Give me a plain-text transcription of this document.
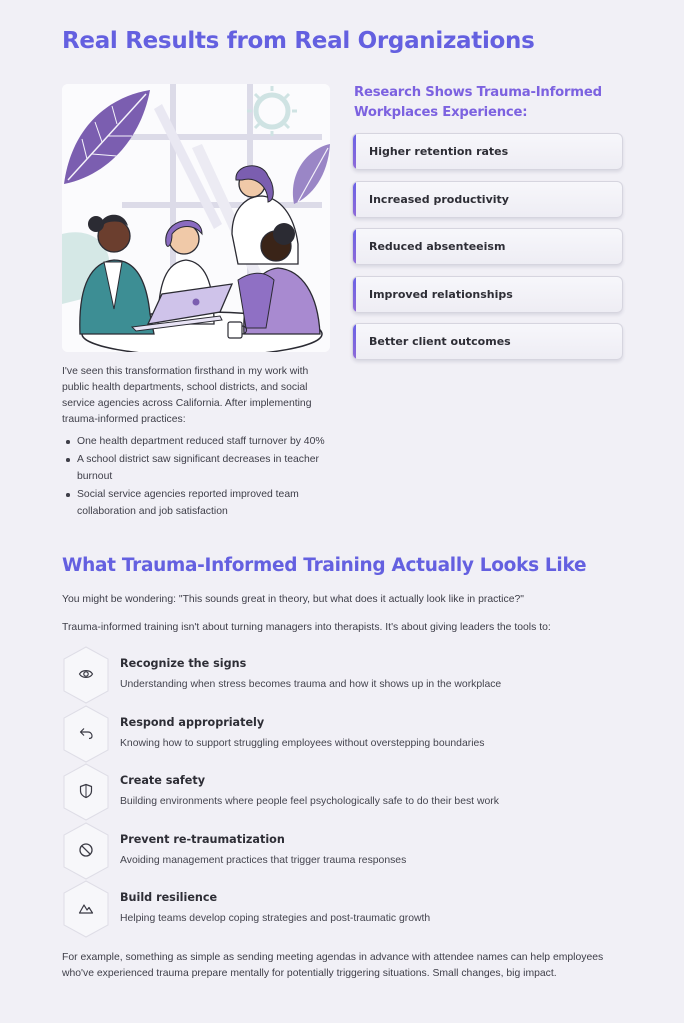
Real Results from Real Organizations

I've seen this transformation firsthand in my work with public health departments, school districts, and social service agencies across California. After implementing trauma-informed practices:

One health department reduced staff turnover by 40%
A school district saw significant decreases in teacher burnout
Social service agencies reported improved team collaboration and job satisfaction
Research Shows Trauma-Informed Workplaces Experience:
Higher retention rates
Increased productivity
Reduced absenteeism
Improved relationships
Better client outcomes
What Trauma-Informed Training Actually Looks Like

You might be wondering: "This sounds great in theory, but what does it actually look like in practice?"

Trauma-informed training isn't about turning managers into therapists. It's about giving leaders the tools to:

Recognize the signs
Understanding when stress becomes trauma and how it shows up in the workplace
Respond appropriately
Knowing how to support struggling employees without overstepping boundaries
Create safety
Building environments where people feel psychologically safe to do their best work
Prevent re-traumatization
Avoiding management practices that trigger trauma responses
Build resilience
Helping teams develop coping strategies and post-traumatic growth

For example, something as simple as sending meeting agendas in advance with attendee names can help employees who've experienced trauma prepare mentally for potentially triggering situations. Small changes, big impact.
